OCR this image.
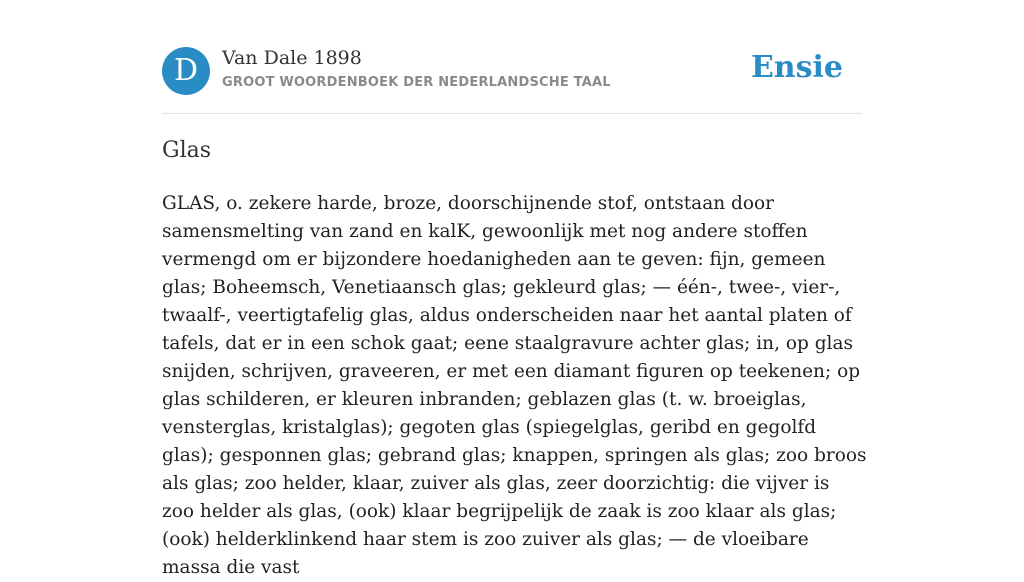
D	Van Dale 1898
GROOT WOORDENBOEK DER NEDERLANDSCHE TAAL	Ensie
Glas

GLAS, o. zekere harde, broze, doorschijnende stof, ontstaan door samensmelting van zand en kalK, gewoonlijk met nog andere stoffen vermengd om er bijzondere hoedanigheden aan te geven: fijn, gemeen glas; Boheemsch, Venetiaansch glas; gekleurd glas; — één-, twee-, vier-, twaalf-, veertigtafelig glas, aldus onderscheiden naar het aantal platen of tafels, dat er in een schok gaat; eene staalgravure achter glas; in, op glas snijden, schrijven, graveeren, er met een diamant figuren op teekenen; op glas schilderen, er kleuren inbranden; geblazen glas (t. w. broeiglas, vensterglas, kristalglas); gegoten glas (spiegelglas, geribd en gegolfd glas); gesponnen glas; gebrand glas; knappen, springen als glas; zoo broos als glas; zoo helder, klaar, zuiver als glas, zeer doorzichtig: die vijver is zoo helder als glas, (ook) klaar begrijpelijk de zaak is zoo klaar als glas; (ook) helderklinkend haar stem is zoo zuiver als glas; — de vloeibare massa die vast
